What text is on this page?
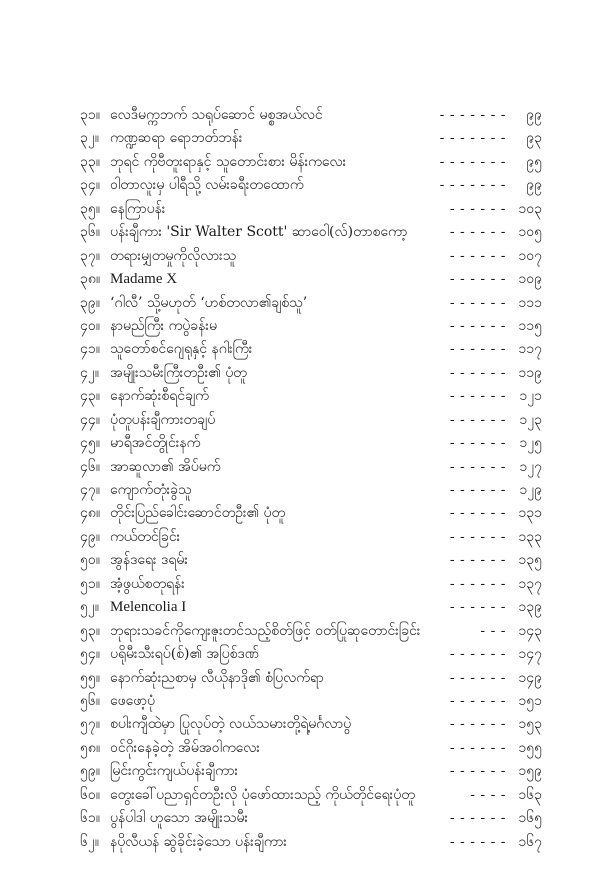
၃၁။ လေဒီမက္ကဘက် သရုပ်ဆောင် မစ္စအယ်လင်	- - - - - - -	၉၉
၃၂။ ကဏ္ဍဆရာ ရောဘတ်ဘန်း	- - - - - - -	၉၃
၃၃။ ဘုရင် ကိုဗီတူးရာနှင့် သူတောင်းစား မိန်းကလေး	- - - - - - -	၉၅
၃၄။ ဝါတာလူးမှ ပါရီသို့ လမ်းခရီးတထောက်	- - - - - - -	၉၉
၃၅။ နေကြာပန်း	- - - - - - ၁၀၃
၃၆။ ပန်းချီကား 'Sir Walter Scott' ဆာဝေါ(လ်)တာစကော့	- - - - - - ၁၀၅
၃၇။ တရားမျှတမှုကိုလိုလားသူ	- - - - - - ၁၀၇
၃၈။ Madame X	- - - - - - ၁၀၉
၃၉။ ‘ဂါလီ’ သို့မဟုတ် ‘ဟစ်တလာ၏ချစ်သူ’	- - - - - - ၁၁၁
၄၀။ နာမည်ကြီး ကပွဲခန်းမ	- - - - - - ၁၁၅
၄၁။ သူတော်စင်ဂျေရုနှင့် နဂါးကြီး	- - - - - - ၁၁၇
၄၂။ အမျိုးသမီးကြီးတဦး၏ ပုံတူ	- - - - - - ၁၁၉
၄၃။ နောက်ဆုံးစီရင်ချက်	- - - - - - ၁၂၁
၄၄။ ပုံတူပန်းချီကားတချပ်	- - - - - - ၁၂၃
၄၅။ မာရီအင်တွိုင်းနက်	- - - - - - ၁၂၅
၄၆။ အာဆူလာ၏ အိပ်မက်	- - - - - - ၁၂၇
၄၇။ ကျောက်တုံးခွဲသူ	- - - - - - ၁၂၉
၄၈။ တိုင်းပြည်ခေါင်းဆောင်တဦး၏ ပုံတူ	- - - - - - ၁၃၁
၄၉။ ကယ်တင်ခြင်း	- - - - - - ၁၃၃
၅၀။ အွန်ဒရေး ဒရမ်း	- - - - - - ၁၃၅
၅၁။ အံ့ဖွယ်စတုရန်း	- - - - - - ၁၃၇
၅၂။ Melencolia I	- - - - - - ၁၃၉
၅၃။ ဘုရားသခင်ကိုကျေးဇူးတင်သည့်စိတ်ဖြင့် ဝတ်ပြုဆုတောင်းခြင်း	- - - ၁၄၃
၅၄။ ပရိုမီးသီးရပ်(စ်)၏ အပြစ်ဒဏ်	- - - - - - ၁၄၇
၅၅။ နောက်ဆုံးညစာမှ လီယိုနာဒို၏ စံပြလက်ရာ	- - - - - - ၁၄၉
၅၆။ ဖေဖော့ပုံ	- - - - - - ၁၅၁
၅၇။ စပါးကျီထဲမှာ ပြုလုပ်တဲ့ လယ်သမားတို့ရဲ့မင်္ဂလာပွဲ	- - - - - - ၁၅၃
၅၈။ ဝင်ဂိုးနေခဲ့တဲ့ အိမ်အဝါကလေး	- - - - - - ၁၅၅
၅၉။ မြင်းကွင်းကျယ်ပန်းချီကား	- - - - - - ၁၅၉
၆၀။ တွေးခေါ်ပညာရှင်တဦးလို ပုံဖော်ထားသည့် ကိုယ်တိုင်ရေးပုံတူ	- - - - ၁၆၃
၆၁။ ပွန်ပါဒါ ဟူသော အမျိုးသမီး	- - - - - - ၁၆၅
၆၂။ နပိုလီယန် ဆွဲခိုင်းခဲ့သော ပန်းချီကား	- - - - - - ၁၆၇
